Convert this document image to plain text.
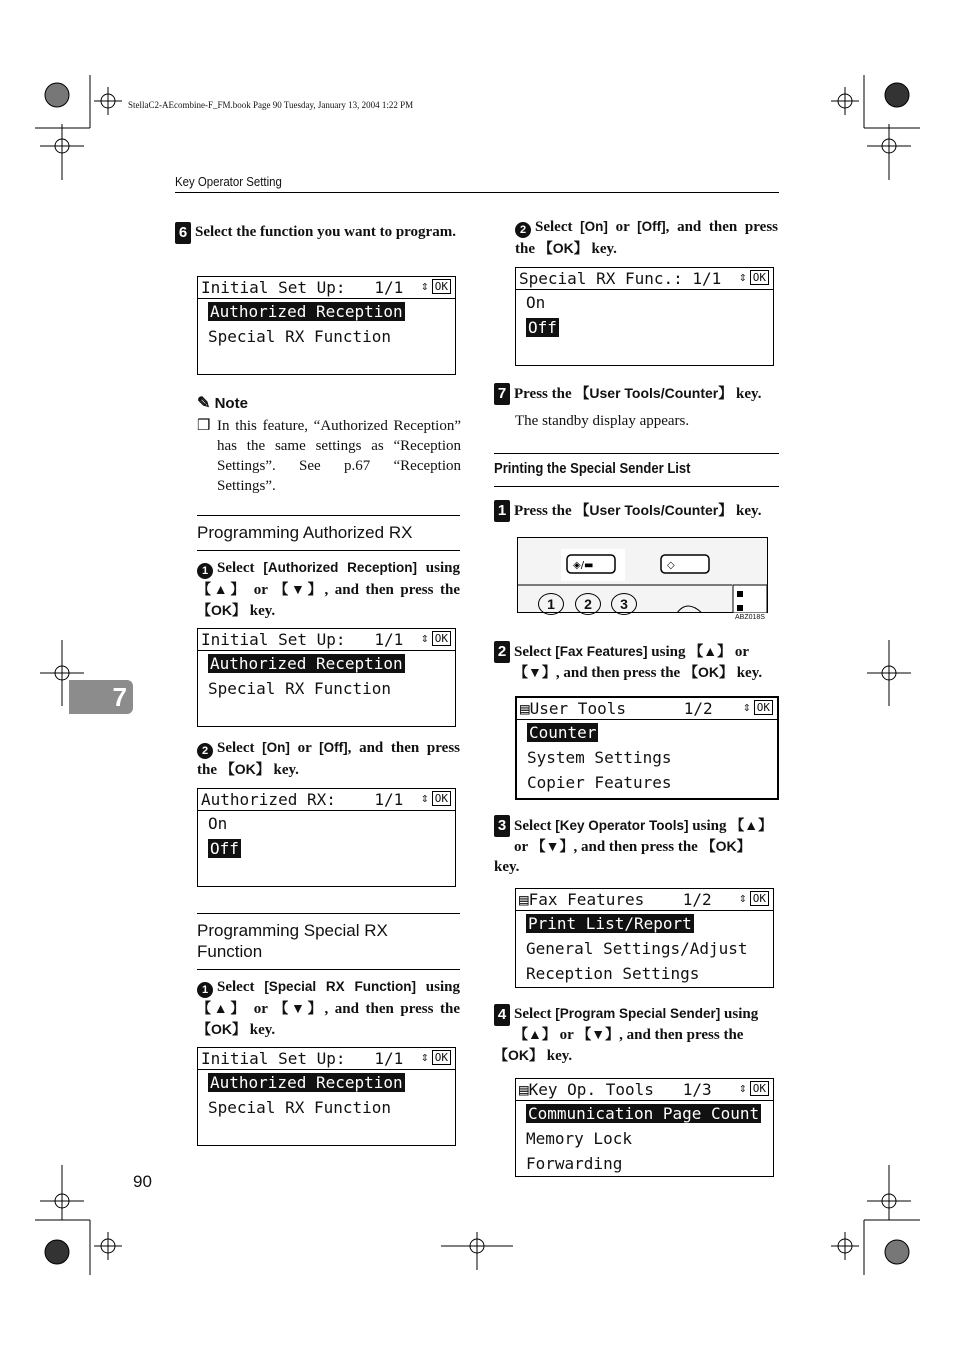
StellaC2-AEcombine-F_FM.book Page 90 Tuesday, January 13, 2004 1:22 PM
Key Operator Setting
7
90
6 Select the function you want to program.
Initial Set Up:   1/1 ⇕ OK
Authorized Reception
Special RX Function
✎ Note
❒ In this feature, “Authorized Reception” has the same settings as “Reception Settings”. See p.67 “Reception Settings”.
Programming Authorized RX
1 Select [Authorized Reception] using 【▲】 or 【▼】, and then press the 【OK】 key.
Initial Set Up:   1/1 ⇕ OK
Authorized Reception
Special RX Function
2 Select [On] or [Off], and then press the 【OK】 key.
Authorized RX:    1/1 ⇕ OK
On
Off
Programming Special RX Function
1 Select [Special RX Function] using 【▲】 or 【▼】, and then press the 【OK】 key.
Initial Set Up:   1/1 ⇕ OK
Authorized Reception
Special RX Function
2 Select [On] or [Off], and then press the 【OK】 key.
Special RX Func.: 1/1 ⇕ OK
On
Off
7 Press the 【User Tools/Counter】 key.
The standby display appears.
Printing the Special Sender List
1 Press the 【User Tools/Counter】 key.
◈/▬	◇
1	2	3
ABZ018S
2 Select [Fax Features] using 【▲】 or 【▼】, and then press the 【OK】 key.
▤User Tools      1/2 ⇕ OK
Counter
System Settings
Copier Features
3 Select [Key Operator Tools] using 【▲】 or 【▼】, and then press the 【OK】 key.
▤Fax Features    1/2 ⇕ OK
Print List/Report
General Settings/Adjust
Reception Settings
4 Select [Program Special Sender] using 【▲】 or 【▼】, and then press the 【OK】 key.
▤Key Op. Tools   1/3 ⇕ OK
Communication Page Count
Memory Lock
Forwarding
